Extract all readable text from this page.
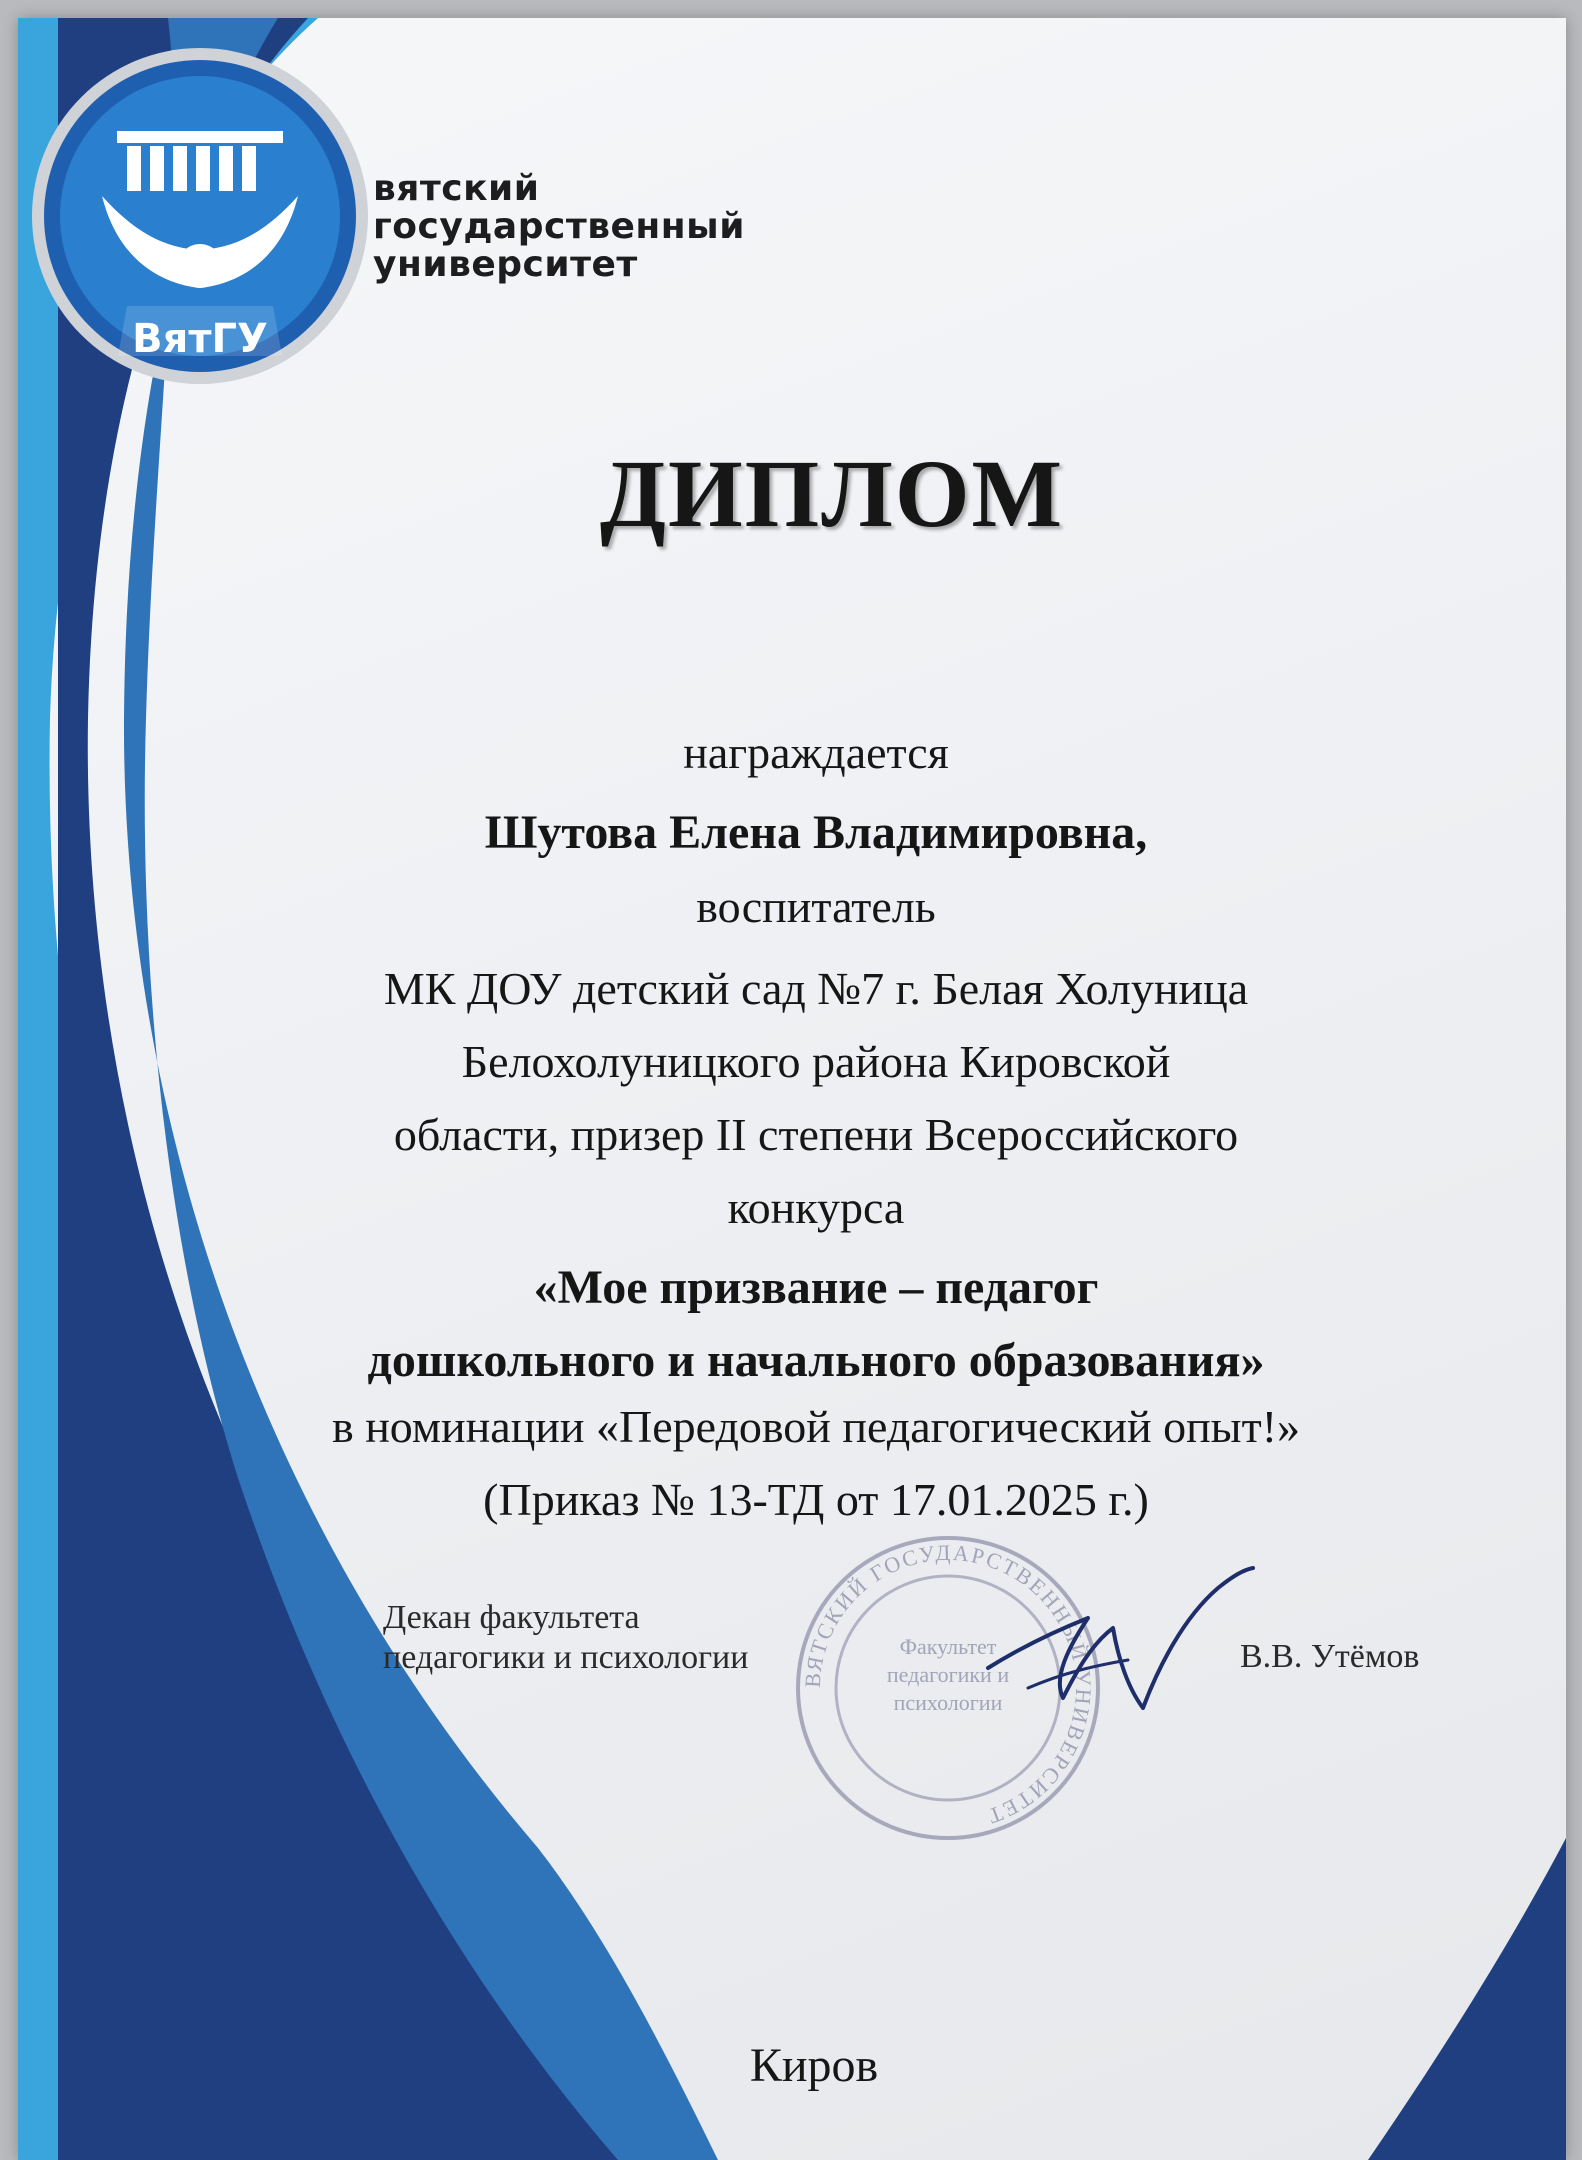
ВятГУ
вятский
государственный
университет
ДИПЛОМ
награждается
Шутова Елена Владимировна,
воспитатель
МК ДОУ детский сад №7 г. Белая Холуница
Белохолуницкого района Кировской
области, призер II степени Всероссийского
конкурса
«Мое призвание – педагог
дошкольного и начального образования»
в номинации «Передовой педагогический опыт!»
(Приказ № 13-ТД от 17.01.2025 г.)
Декан факультета
педагогики и психологии
ВЯТСКИЙ ГОСУДАРСТВЕННЫЙ УНИВЕРСИТЕТ
Факультет педагогики и психологии
В.В. Утёмов
Киров
